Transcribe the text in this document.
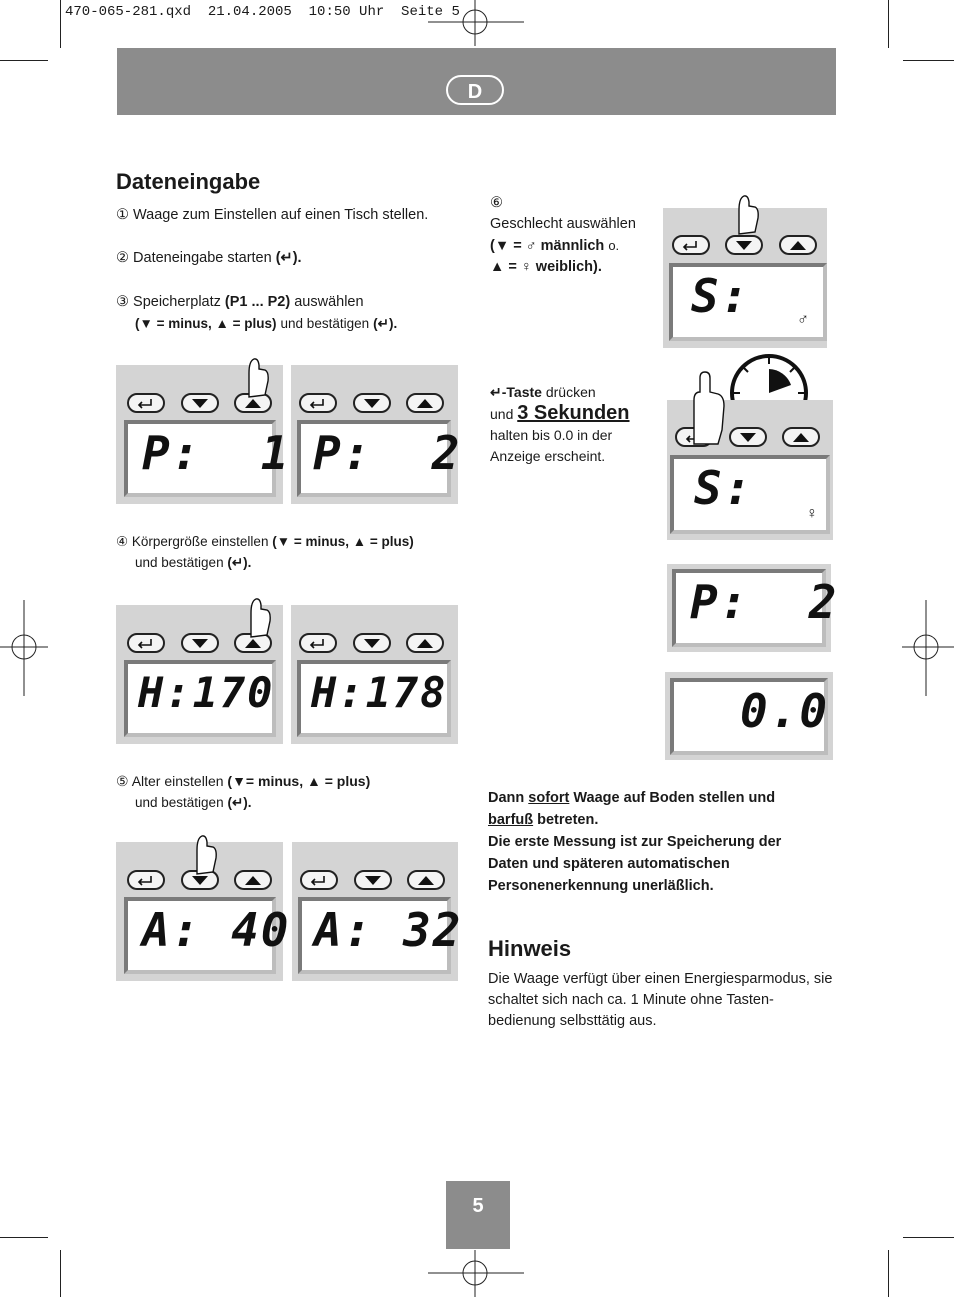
470-065-281.qxd  21.04.2005  10:50 Uhr  Seite 5
D
Dateneingabe
① Waage zum Einstellen auf einen Tisch stellen.
② Dateneingabe starten (↵).
③ Speicherplatz (P1 ... P2) auswählen
(▼ = minus, ▲ = plus) und bestätigen (↵).
P:  1 P:  2
④ Körpergröße einstellen (▼ = minus, ▲ = plus)
und bestätigen (↵).
H:170 H:178
⑤ Alter einstellen (▼= minus, ▲ = plus)
und bestätigen (↵).
A: 40 A: 32
⑥
Geschlecht auswählen
(▼ = ♂ männlich o.
▲ = ♀ weiblich).
S:	♂
↵-Taste drücken
und 3 Sekunden
halten bis 0.0 in der
Anzeige erscheint.
S:	♀
P:  2
0.0
Dann sofort Waage auf Boden stellen und
barfuß betreten.
Die erste Messung ist zur Speicherung der
Daten und späteren automatischen
Personenerkennung unerläßlich.
Hinweis
Die Waage verfügt über einen Energiesparmodus, sie
schaltet sich nach ca. 1 Minute ohne Tasten-
bedienung selbsttätig aus.
5
